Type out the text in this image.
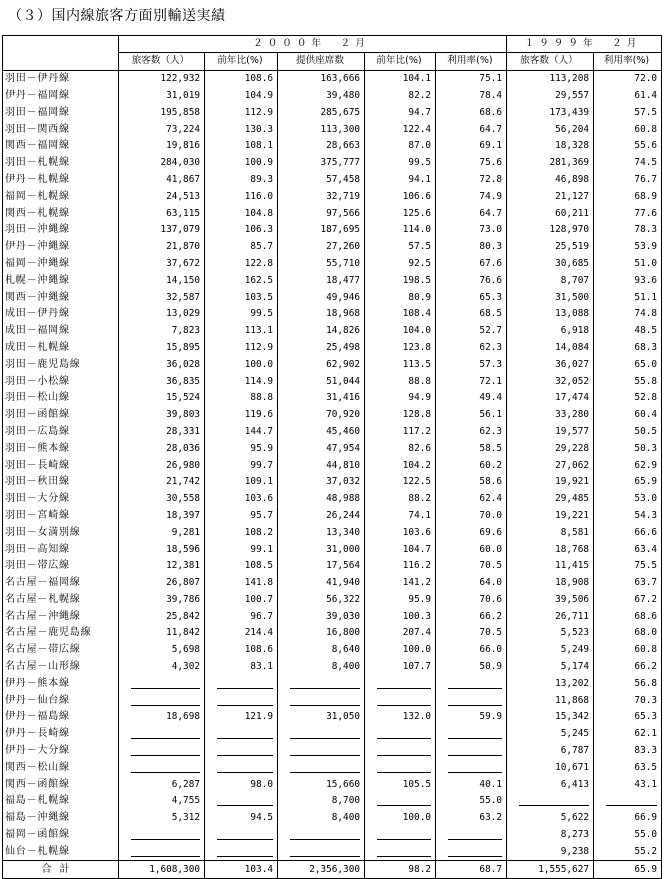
（３）国内線旅客方面別輸送実績
	２０００年　２月					１９９９年　２月	
	旅客数（人）	前年比(%)	提供座席数	前年比(%)	利用率(%)	旅客数（人）	利用率(%)
羽田－伊丹線	122,932	108.6	163,666	104.1	75.1	113,208	72.0
伊丹－福岡線	31,019	104.9	39,480	82.2	78.4	29,557	61.4
羽田－福岡線	195,858	112.9	285,675	94.7	68.6	173,439	57.5
羽田－関西線	73,224	130.3	113,300	122.4	64.7	56,204	60.8
関西－福岡線	19,816	108.1	28,663	87.0	69.1	18,328	55.6
羽田－札幌線	284,030	100.9	375,777	99.5	75.6	281,369	74.5
伊丹－札幌線	41,867	89.3	57,458	94.1	72.8	46,898	76.7
福岡－札幌線	24,513	116.0	32,719	106.6	74.9	21,127	68.9
関西－札幌線	63,115	104.8	97,566	125.6	64.7	60,211	77.6
羽田－沖縄線	137,079	106.3	187,695	114.0	73.0	128,970	78.3
伊丹－沖縄線	21,870	85.7	27,260	57.5	80.3	25,519	53.9
福岡－沖縄線	37,672	122.8	55,710	92.5	67.6	30,685	51.0
札幌－沖縄線	14,150	162.5	18,477	198.5	76.6	8,707	93.6
関西－沖縄線	32,587	103.5	49,946	80.9	65.3	31,500	51.1
成田－伊丹線	13,029	99.5	18,968	108.4	68.5	13,088	74.8
成田－福岡線	7,823	113.1	14,826	104.0	52.7	6,918	48.5
成田－札幌線	15,895	112.9	25,498	123.8	62.3	14,084	68.3
羽田－鹿児島線	36,028	100.0	62,902	113.5	57.3	36,027	65.0
羽田－小松線	36,835	114.9	51,044	88.8	72.1	32,052	55.8
羽田－松山線	15,524	88.8	31,416	94.9	49.4	17,474	52.8
羽田－函館線	39,803	119.6	70,920	128.8	56.1	33,280	60.4
羽田－広島線	28,331	144.7	45,460	117.2	62.3	19,577	50.5
羽田－熊本線	28,036	95.9	47,954	82.6	58.5	29,228	50.3
羽田－長崎線	26,980	99.7	44,810	104.2	60.2	27,062	62.9
羽田－秋田線	21,742	109.1	37,032	122.5	58.6	19,921	65.9
羽田－大分線	30,558	103.6	48,988	88.2	62.4	29,485	53.0
羽田－宮崎線	18,397	95.7	26,244	74.1	70.0	19,221	54.3
羽田－女満別線	9,281	108.2	13,340	103.6	69.6	8,581	66.6
羽田－高知線	18,596	99.1	31,000	104.7	60.0	18,768	63.4
羽田－帯広線	12,381	108.5	17,564	116.2	70.5	11,415	75.5
名古屋－福岡線	26,807	141.8	41,940	141.2	64.0	18,908	63.7
名古屋－札幌線	39,786	100.7	56,322	95.9	70.6	39,506	67.2
名古屋－沖縄線	25,842	96.7	39,030	100.3	66.2	26,711	68.6
名古屋－鹿児島線	11,842	214.4	16,800	207.4	70.5	5,523	68.0
名古屋－帯広線	5,698	108.6	8,640	100.0	66.0	5,249	60.8
名古屋－山形線	4,302	83.1	8,400	107.7	50.9	5,174	66.2
伊丹－熊本線						13,202	56.8
伊丹－仙台線						11,868	70.3
伊丹－福島線	18,698	121.9	31,050	132.0	59.9	15,342	65.3
伊丹－長崎線						5,245	62.1
伊丹－大分線						6,787	83.3
関西－松山線						10,671	63.5
関西－函館線	6,287	98.0	15,660	105.5	40.1	6,413	43.1
福島－札幌線	4,755		8,700		55.0	

福島－沖縄線	5,312	94.5	8,400	100.0	63.2	5,622	66.9
福岡－函館線						8,273	55.0
仙台－札幌線						9,238	55.2
合計	1,608,300	103.4	2,356,300	98.2	68.7	1,555,627	65.9
